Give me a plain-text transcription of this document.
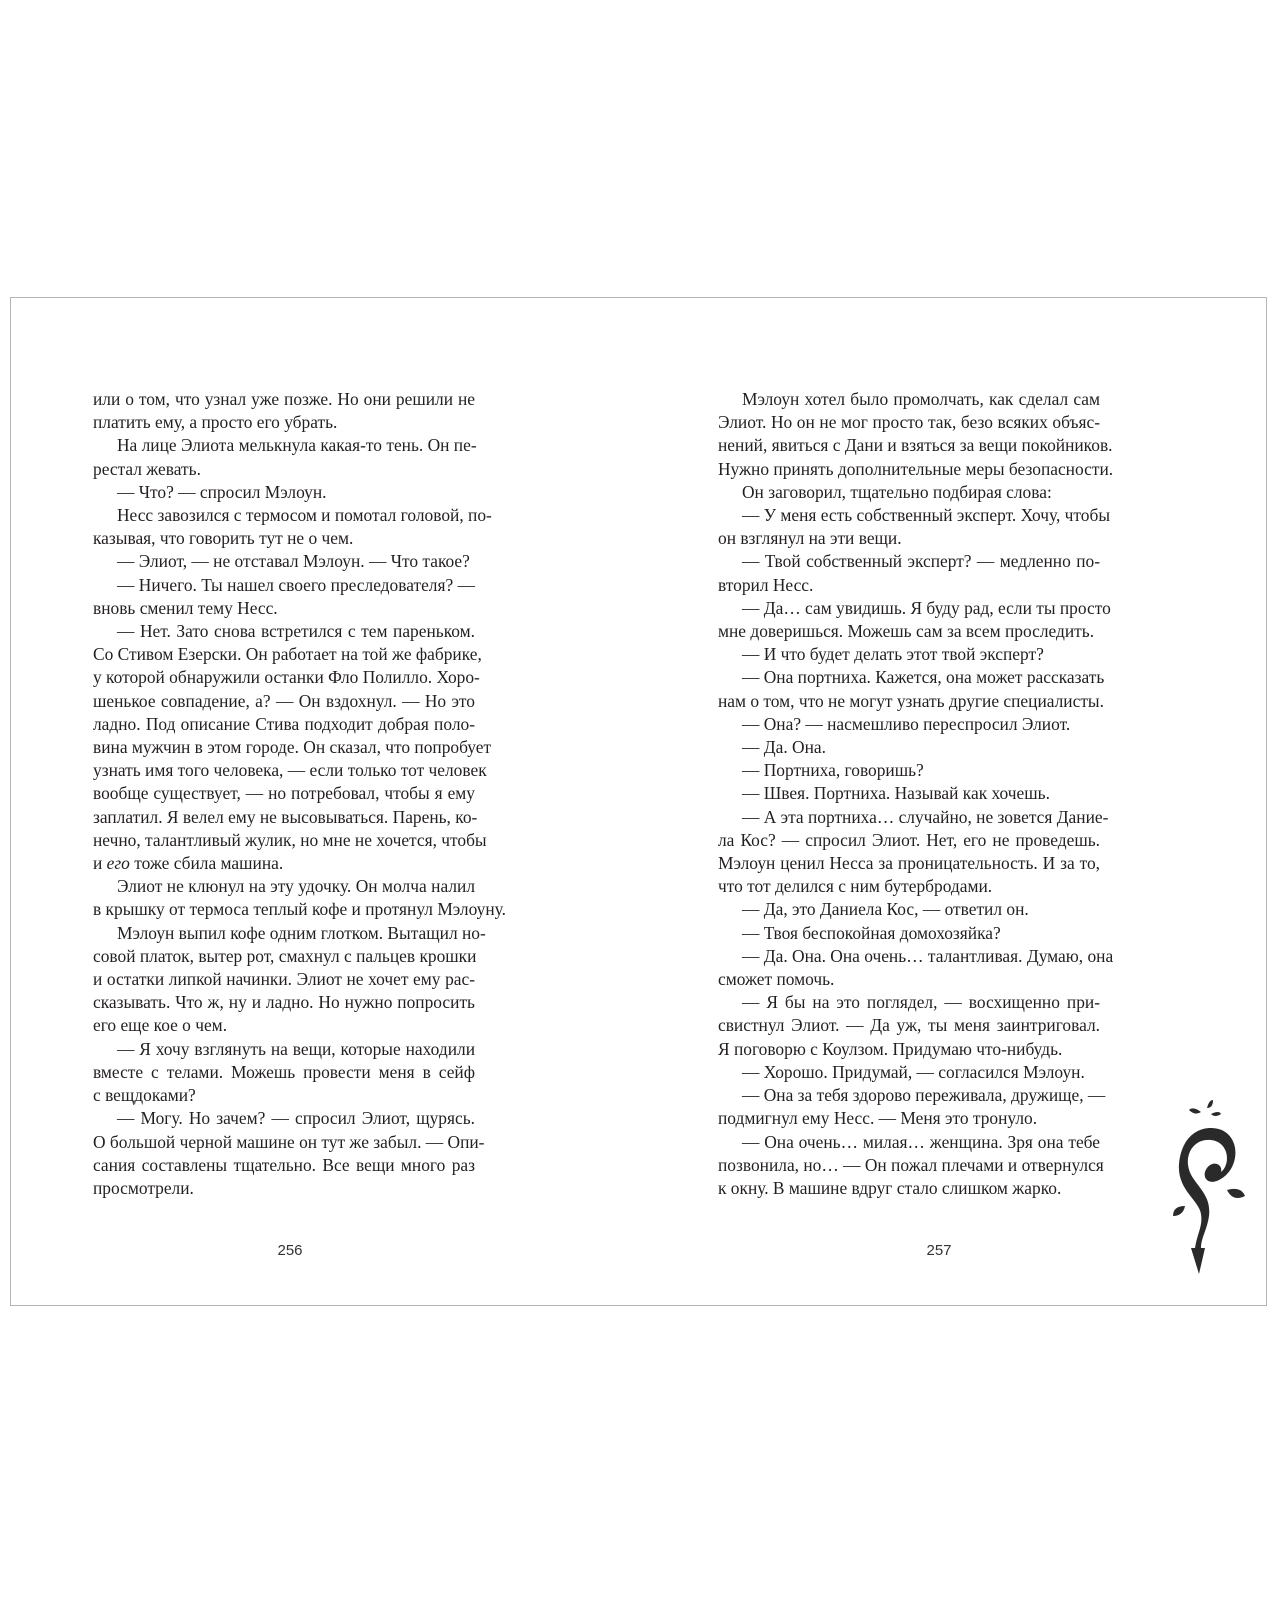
или о том, что узнал уже позже. Но они решили не
платить ему, а просто его убрать.
На лице Элиота мелькнула какая-то тень. Он пе-
рестал жевать.
— Что? — спросил Мэлоун.
Несс завозился с термосом и помотал головой, по-
казывая, что говорить тут не о чем.
— Элиот, — не отставал Мэлоун. — Что такое?
— Ничего. Ты нашел своего преследователя? —
вновь сменил тему Несс.
— Нет. Зато снова встретился с тем пареньком.
Со Стивом Езерски. Он работает на той же фабрике,
у которой обнаружили останки Фло Полилло. Хоро-
шенькое совпадение, а? — Он вздохнул. — Но это
ладно. Под описание Стива подходит добрая поло-
вина мужчин в этом городе. Он сказал, что попробует
узнать имя того человека, — если только тот человек
вообще существует, — но потребовал, чтобы я ему
заплатил. Я велел ему не высовываться. Парень, ко-
нечно, талантливый жулик, но мне не хочется, чтобы
и его тоже сбила машина.
Элиот не клюнул на эту удочку. Он молча налил
в крышку от термоса теплый кофе и протянул Мэлоуну.
Мэлоун выпил кофе одним глотком. Вытащил но-
совой платок, вытер рот, смахнул с пальцев крошки
и остатки липкой начинки. Элиот не хочет ему рас-
сказывать. Что ж, ну и ладно. Но нужно попросить
его еще кое о чем.
— Я хочу взглянуть на вещи, которые находили
вместе с телами. Можешь провести меня в сейф
с вещдоками?
— Могу. Но зачем? — спросил Элиот, щурясь.
О большой черной машине он тут же забыл. — Опи-
сания составлены тщательно. Все вещи много раз
просмотрели.
Мэлоун хотел было промолчать, как сделал сам
Элиот. Но он не мог просто так, безо всяких объяс-
нений, явиться с Дани и взяться за вещи покойников.
Нужно принять дополнительные меры безопасности.
Он заговорил, тщательно подбирая слова:
— У меня есть собственный эксперт. Хочу, чтобы
он взглянул на эти вещи.
— Твой собственный эксперт? — медленно по-
вторил Несс.
— Да… сам увидишь. Я буду рад, если ты просто
мне доверишься. Можешь сам за всем проследить.
— И что будет делать этот твой эксперт?
— Она портниха. Кажется, она может рассказать
нам о том, что не могут узнать другие специалисты.
— Она? — насмешливо переспросил Элиот.
— Да. Она.
— Портниха, говоришь?
— Швея. Портниха. Называй как хочешь.
— А эта портниха… случайно, не зовется Дание-
ла Кос? — спросил Элиот. Нет, его не проведешь.
Мэлоун ценил Несса за проницательность. И за то,
что тот делился с ним бутербродами.
— Да, это Даниела Кос, — ответил он.
— Твоя беспокойная домохозяйка?
— Да. Она. Она очень… талантливая. Думаю, она
сможет помочь.
— Я бы на это поглядел, — восхищенно при-
свистнул Элиот. — Да уж, ты меня заинтриговал.
Я поговорю с Коулзом. Придумаю что-нибудь.
— Хорошо. Придумай, — согласился Мэлоун.
— Она за тебя здорово переживала, дружище, —
подмигнул ему Несс. — Меня это тронуло.
— Она очень… милая… женщина. Зря она тебе
позвонила, но… — Он пожал плечами и отвернулся
к окну. В машине вдруг стало слишком жарко.
256	257
